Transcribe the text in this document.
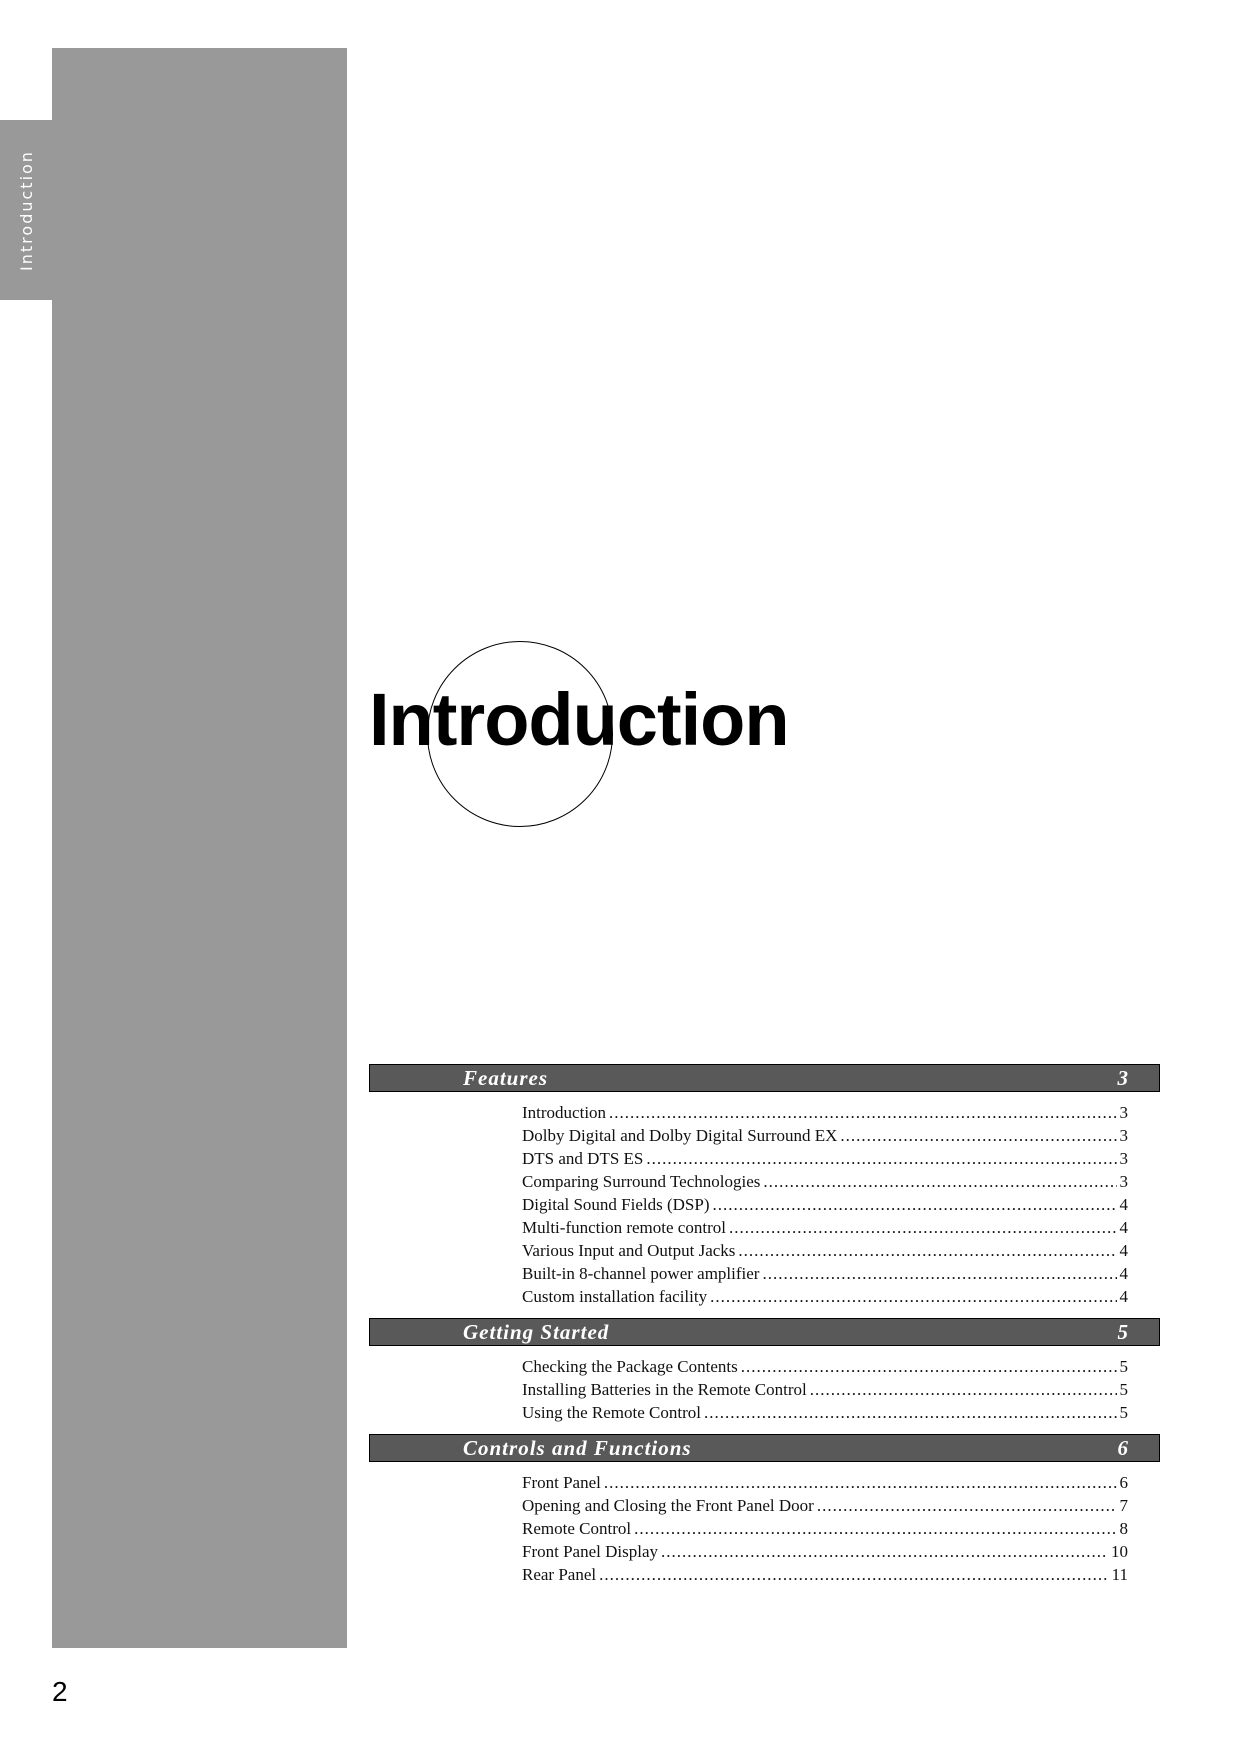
Introduction
Introduction
Features	3
Introduction .....	3
Dolby Digital and Dolby Digital Surround EX .....	3
DTS and DTS ES .....	3
Comparing Surround Technologies .....	3
Digital Sound Fields (DSP) .....	4
Multi-function remote control .....	4
Various Input and Output Jacks .....	4
Built-in 8-channel power amplifier .....	4
Custom installation facility .....	4
Getting Started	5
Checking the Package Contents .....	5
Installing Batteries in the Remote Control .....	5
Using the Remote Control .....	5
Controls and Functions	6
Front Panel .....	6
Opening and Closing the Front Panel Door .....	7
Remote Control .....	8
Front Panel Display .....	10
Rear Panel .....	11
2
